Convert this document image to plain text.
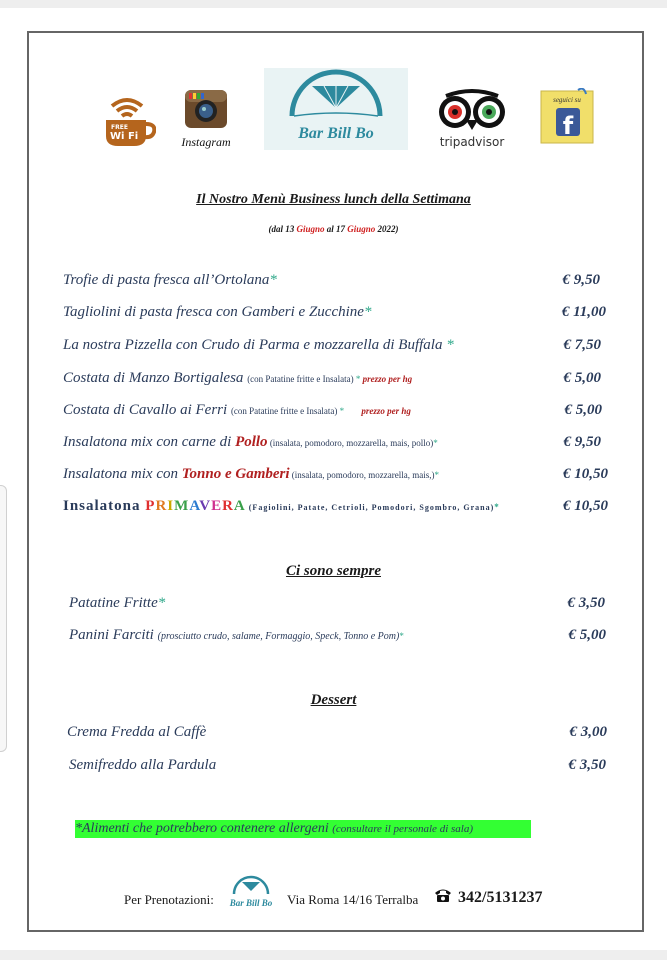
FREE
Wi Fi	Instagram	Bar Bill Bo	tripadvisor
seguici su
f
Il Nostro Menù Business lunch della Settimana
(dal 13 Giugno al 17 Giugno 2022)
Trofie di pasta fresca all’Ortolana*	€ 9,50
Tagliolini di pasta fresca con Gamberi e Zucchine*	€ 11,00
La nostra Pizzella con Crudo di Parma e mozzarella di Buffala *	€ 7,50
Costata di Manzo Bortigalesa (con Patatine fritte e Insalata) * prezzo per hg	€ 5,00
Costata di Cavallo ai Ferri (con Patatine fritte e Insalata) *     prezzo per hg	€ 5,00
Insalatona mix con carne di Pollo (insalata, pomodoro, mozzarella, mais, pollo)*	€ 9,50
Insalatona mix con Tonno e Gamberi (insalata, pomodoro, mozzarella, mais,)*	€ 10,50
Insalatona PRIMAVERA (Fagiolini, Patate, Cetrioli, Pomodori, Sgombro, Grana)*	€ 10,50
Ci sono sempre
Patatine Fritte*	€ 3,50
Panini Farciti (prosciutto crudo, salame, Formaggio, Speck, Tonno e Pom)*	€ 5,00
Dessert
Crema Fredda al Caffè	€ 3,00
Semifreddo alla Pardula	€ 3,50
*Alimenti che potrebbero contenere allergeni (consultare il personale di sala)
Per Prenotazioni: Bar Bill Bo Via Roma 14/16 Terralba 342/5131237
